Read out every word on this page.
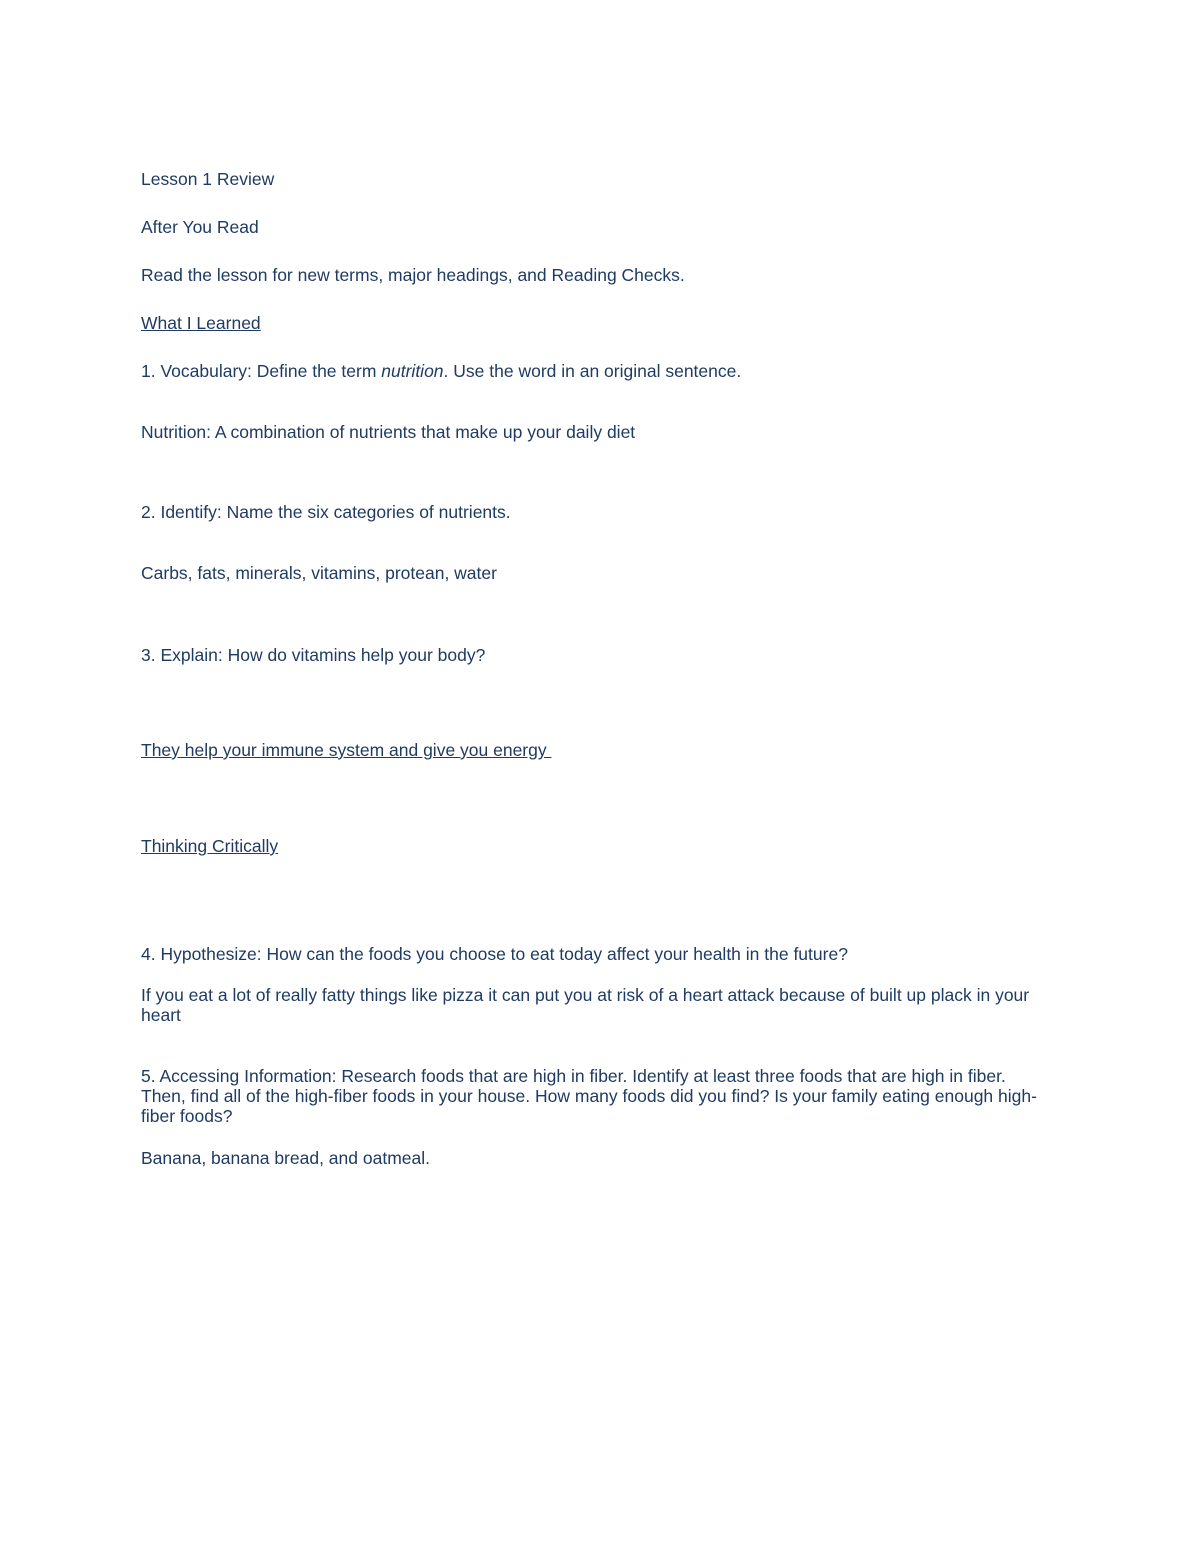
Lesson 1 Review

After You Read

Read the lesson for new terms, major headings, and Reading Checks.

What I Learned

1. Vocabulary: Define the term nutrition. Use the word in an original sentence.

Nutrition: A combination of nutrients that make up your daily diet

2. Identify: Name the six categories of nutrients.

Carbs, fats, minerals, vitamins, protean, water

3. Explain: How do vitamins help your body?

They help your immune system and give you energy

Thinking Critically

4. Hypothesize: How can the foods you choose to eat today affect your health in the future?

If you eat a lot of really fatty things like pizza it can put you at risk of a heart attack because of built up plack in your heart

5. Accessing Information: Research foods that are high in fiber. Identify at least three foods that are high in fiber. Then, find all of the high-fiber foods in your house. How many foods did you find? Is your family eating enough high-fiber foods?

Banana, banana bread, and oatmeal.
